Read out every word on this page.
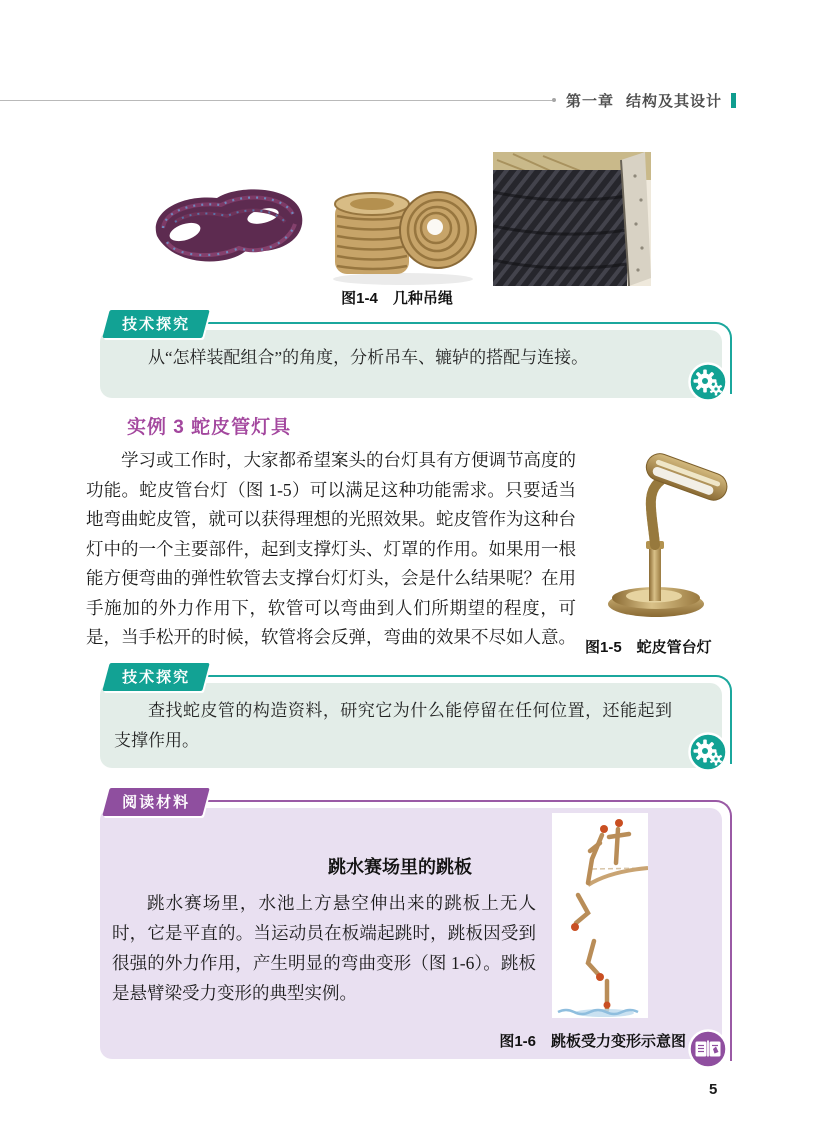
第一章 结构及其设计
图1-4　几种吊绳
从“怎样装配组合”的角度，分析吊车、辘轳的搭配与连接。
技术探究
实例 3 蛇皮管灯具
学习或工作时，大家都希望案头的台灯具有方便调节高度的功能。蛇皮管台灯（图 1-5）可以满足这种功能需求。只要适当地弯曲蛇皮管，就可以获得理想的光照效果。蛇皮管作为这种台灯中的一个主要部件，起到支撑灯头、灯罩的作用。如果用一根能方便弯曲的弹性软管去支撑台灯灯头，会是什么结果呢？在用手施加的外力作用下，软管可以弯曲到人们所期望的程度，可是，当手松开的时候，软管将会反弹，弯曲的效果不尽如人意。
图1-5　蛇皮管台灯
查找蛇皮管的构造资料，研究它为什么能停留在任何位置，还能起到支撑作用。
技术探究
跳水赛场里的跳板
跳水赛场里，水池上方悬空伸出来的跳板上无人时，它是平直的。当运动员在板端起跳时，跳板因受到很强的外力作用，产生明显的弯曲变形（图 1-6）。跳板是悬臂梁受力变形的典型实例。
图1-6　跳板受力变形示意图
阅读材料
5
